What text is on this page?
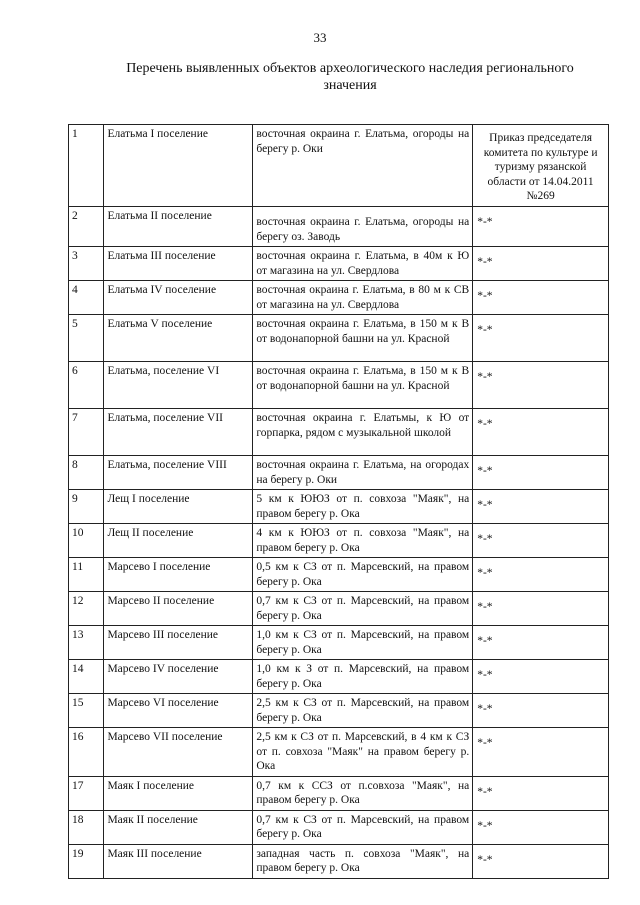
33
Перечень выявленных объектов археологического наследия регионального
значения
1	Елатьма I поселение	восточная окраина г. Елатьма, огороды на берегу р. Оки	Приказ председателя комитета по культуре и туризму рязанской области от 14.04.2011 №269
2	Елатьма II поселение	восточная окраина г. Елатьма, огороды на берегу оз. Заводь	*-*
3	Елатьма III поселение	восточная окраина г. Елатьма, в 40м к Ю от магазина на ул. Свердлова	*-*
4	Елатьма IV поселение	восточная окраина г. Елатьма, в 80 м к СВ от магазина на ул. Свердлова	*-*
5	Елатьма V поселение	восточная окраина г. Елатьма, в 150 м к В от водонапорной башни на ул. Красной	*-*
6	Елатьма, поселение VI	восточная окраина г. Елатьма, в 150 м к В от водонапорной башни на ул. Красной	*-*
7	Елатьма, поселение VII	восточная окраина г. Елатьмы, к Ю от горпарка, рядом с музыкальной школой	*-*
8	Елатьма, поселение VIII	восточная окраина г. Елатьма, на огородах на берегу р. Оки	*-*
9	Лещ I поселение	5 км к ЮЮЗ от п. совхоза "Маяк", на правом берегу р. Ока	*-*
10	Лещ II поселение	4 км к ЮЮЗ от п. совхоза "Маяк", на правом берегу р. Ока	*-*
11	Марсево I поселение	0,5 км к СЗ от п. Марсевский, на правом берегу р. Ока	*-*
12	Марсево II поселение	0,7 км к СЗ от п. Марсевский, на правом берегу р. Ока	*-*
13	Марсево III поселение	1,0 км к СЗ от п. Марсевский, на правом берегу р. Ока	*-*
14	Марсево IV поселение	1,0 км к З от п. Марсевский, на правом берегу р. Ока	*-*
15	Марсево VI поселение	2,5 км к СЗ от п. Марсевский, на правом берегу р. Ока	*-*
16	Марсево VII поселение	2,5 км к СЗ от п. Марсевский, в 4 км к СЗ от п. совхоза "Маяк" на правом берегу р. Ока	*-*
17	Маяк I поселение	0,7 км к ССЗ от п.совхоза "Маяк", на правом берегу р. Ока	*-*
18	Маяк II поселение	0,7 км к СЗ от п. Марсевский, на правом берегу р. Ока	*-*
19	Маяк III поселение	западная часть п. совхоза "Маяк", на правом берегу р. Ока	*-*
